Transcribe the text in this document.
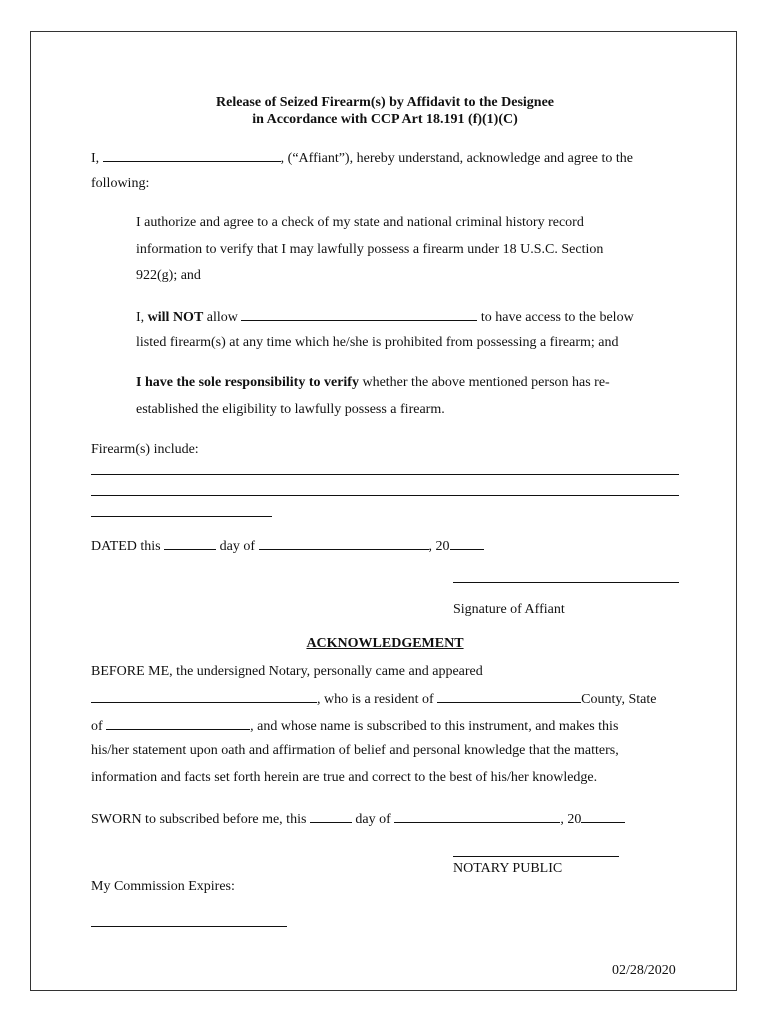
Release of Seized Firearm(s) by Affidavit to the Designee
in Accordance with CCP Art 18.191 (f)(1)(C)
I,	, (“Affiant”), hereby understand, acknowledge and agree to the
following:
I authorize and agree to a check of my state and national criminal history record
information to verify that I may lawfully possess a firearm under 18 U.S.C. Section
922(g); and
I, will NOT allow	to have access to the below
listed firearm(s) at any time which he/she is prohibited from possessing a firearm; and
I have the sole responsibility to verify whether the above mentioned person has re-
established the eligibility to lawfully possess a firearm.
Firearm(s) include:
DATED this	day of	, 20
Signature of Affiant
ACKNOWLEDGEMENT
BEFORE ME, the undersigned Notary, personally came and appeared
, who is a resident of	County, State
of	, and whose name is subscribed to this instrument, and makes this
his/her statement upon oath and affirmation of belief and personal knowledge that the matters,
information and facts set forth herein are true and correct to the best of his/her knowledge.
SWORN to subscribed before me, this	day of	, 20
NOTARY PUBLIC
My Commission Expires:
02/28/2020
